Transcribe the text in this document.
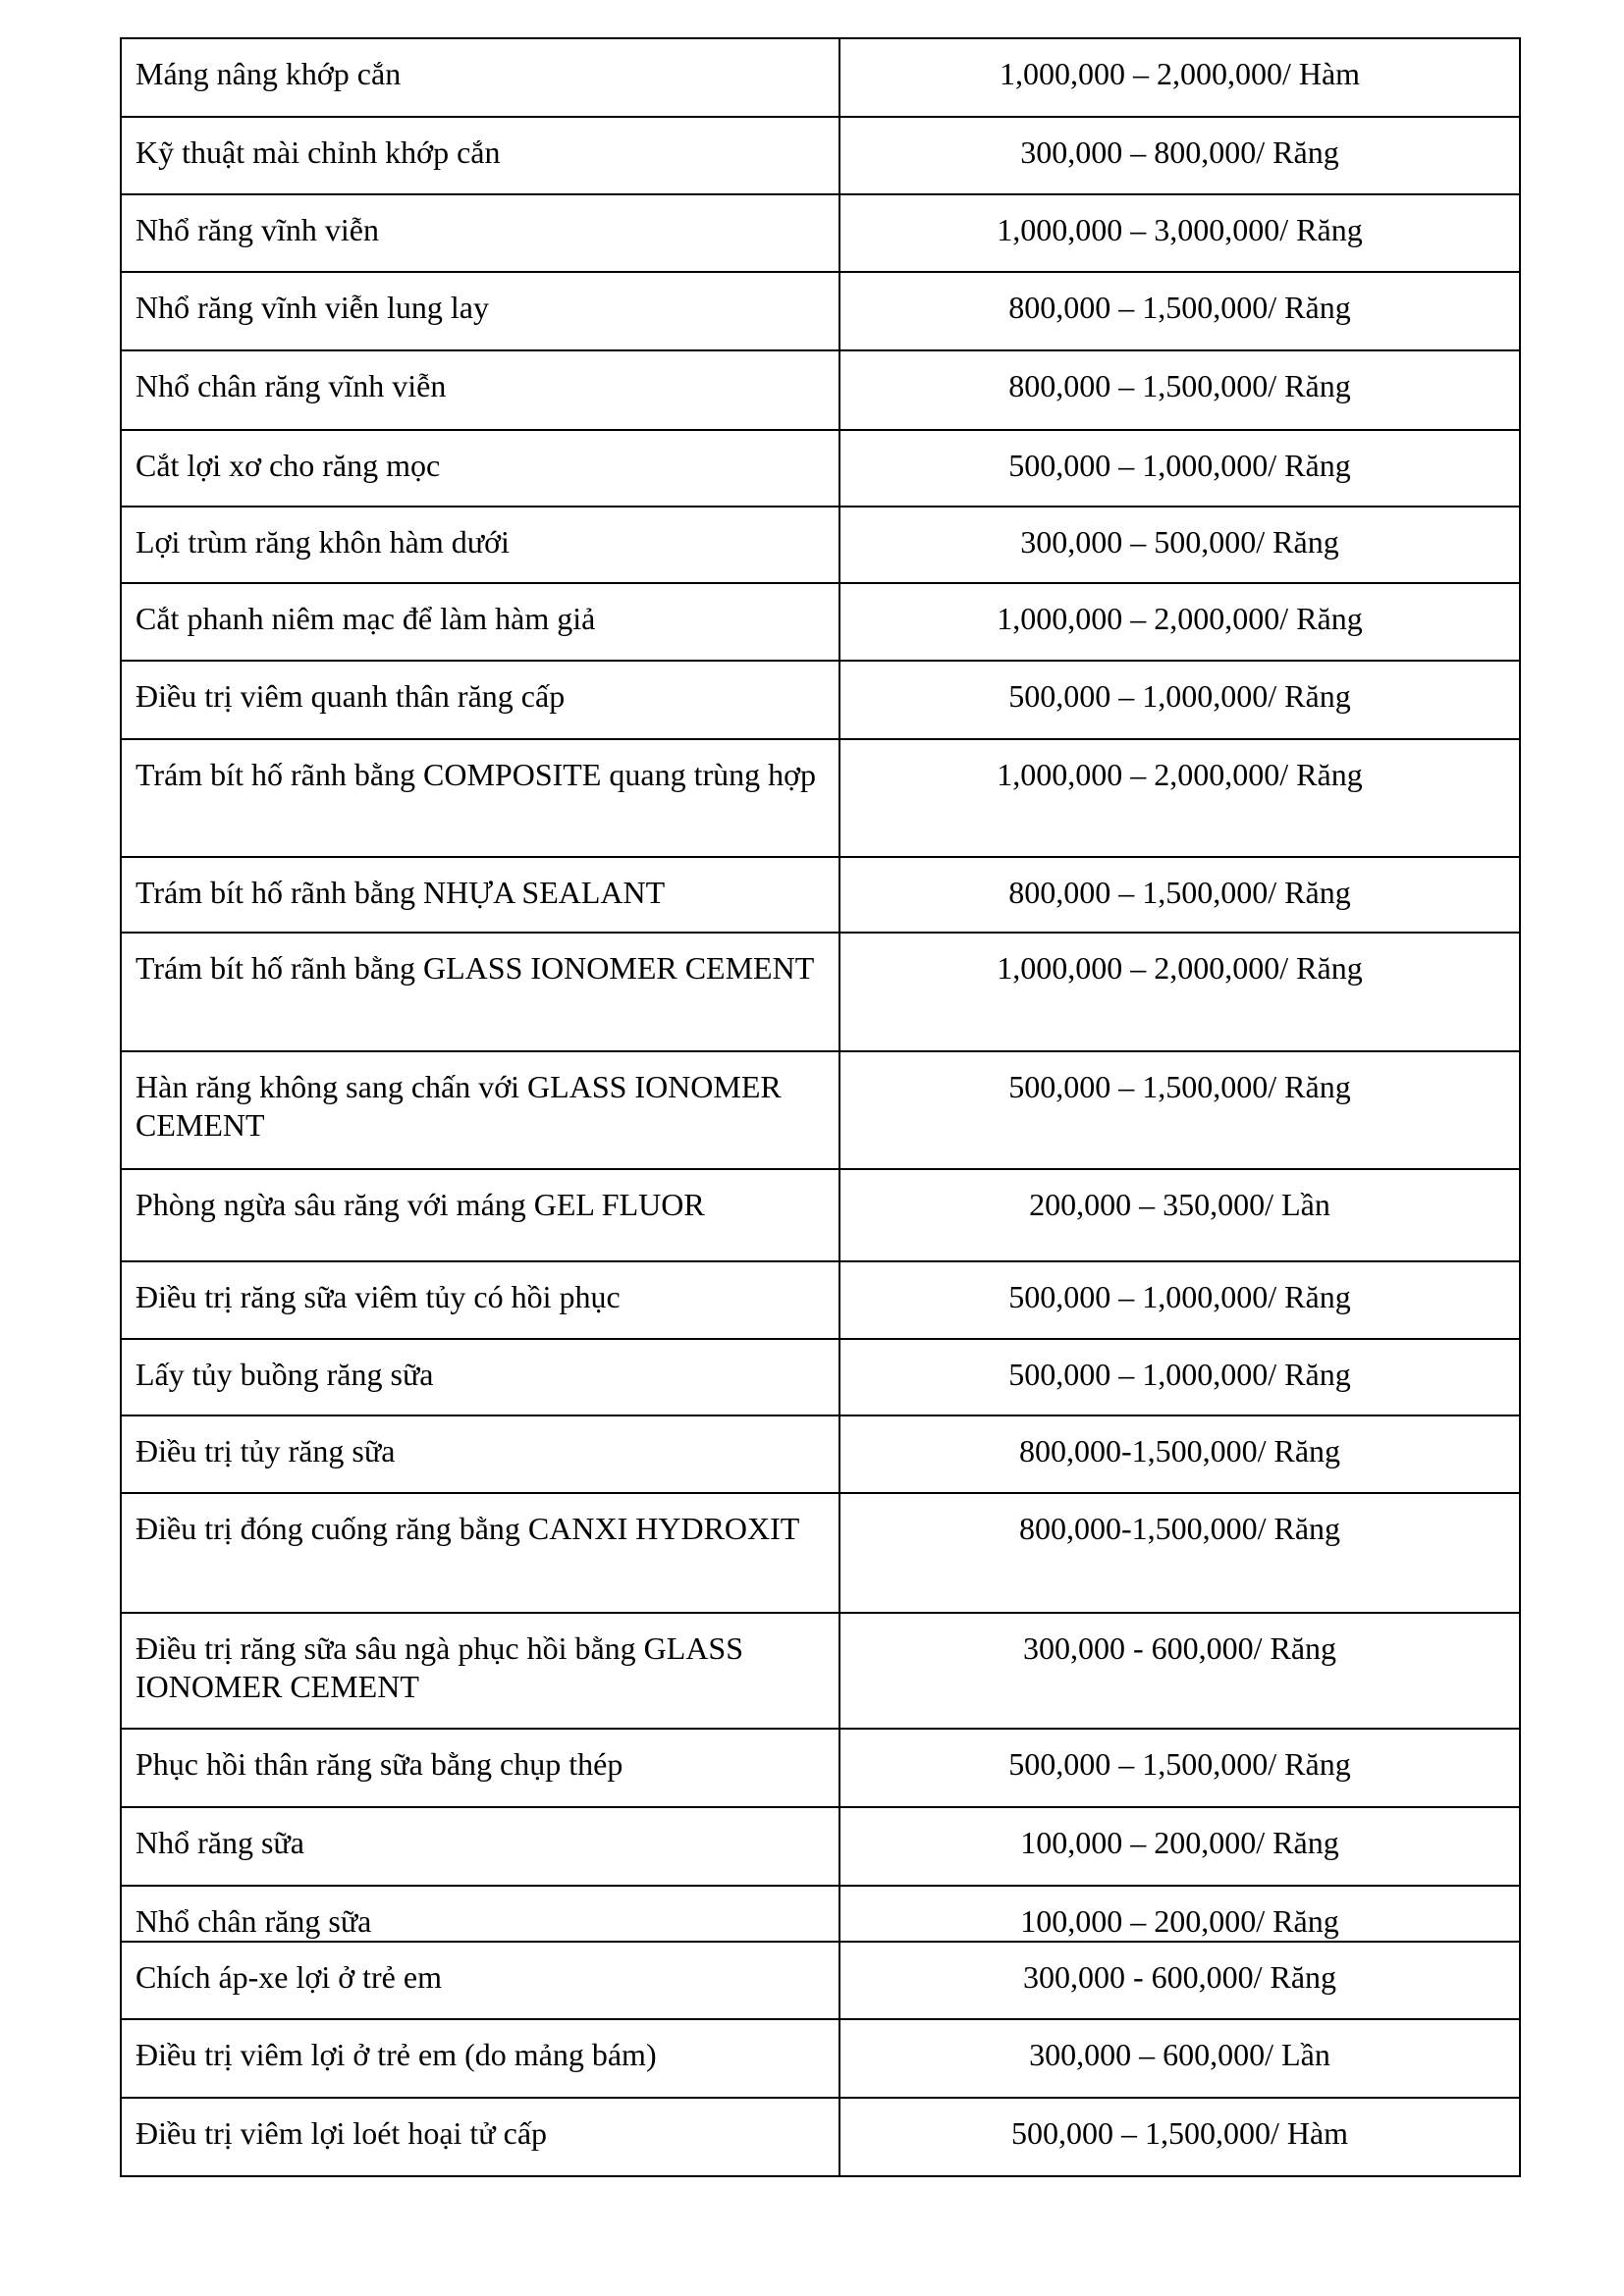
Máng nâng khớp cắn	1,000,000 – 2,000,000/ Hàm
Kỹ thuật mài chỉnh khớp cắn	300,000 – 800,000/ Răng
Nhổ răng vĩnh viễn	1,000,000 – 3,000,000/ Răng
Nhổ răng vĩnh viễn lung lay	800,000 – 1,500,000/ Răng
Nhổ chân răng vĩnh viễn	800,000 – 1,500,000/ Răng
Cắt lợi xơ cho răng mọc	500,000 – 1,000,000/ Răng
Lợi trùm răng khôn hàm dưới	300,000 – 500,000/ Răng
Cắt phanh niêm mạc để làm hàm giả	1,000,000 – 2,000,000/ Răng
Điều trị viêm quanh thân răng cấp	500,000 – 1,000,000/ Răng
Trám bít hố rãnh bằng COMPOSITE quang trùng hợp	1,000,000 – 2,000,000/ Răng
Trám bít hố rãnh bằng NHỰA SEALANT	800,000 – 1,500,000/ Răng
Trám bít hố rãnh bằng GLASS IONOMER CEMENT	1,000,000 – 2,000,000/ Răng
Hàn răng không sang chấn với GLASS IONOMER CEMENT	500,000 – 1,500,000/ Răng
Phòng ngừa sâu răng với máng GEL FLUOR	200,000 – 350,000/ Lần
Điều trị răng sữa viêm tủy có hồi phục	500,000 – 1,000,000/ Răng
Lấy tủy buồng răng sữa	500,000 – 1,000,000/ Răng
Điều trị tủy răng sữa	800,000-1,500,000/ Răng
Điều trị đóng cuống răng bằng CANXI HYDROXIT	800,000-1,500,000/ Răng
Điều trị răng sữa sâu ngà phục hồi bằng GLASS IONOMER CEMENT	300,000 - 600,000/ Răng
Phục hồi thân răng sữa bằng chụp thép	500,000 – 1,500,000/ Răng
Nhổ răng sữa	100,000 – 200,000/ Răng
Nhổ chân răng sữa	100,000 – 200,000/ Răng
Chích áp-xe lợi ở trẻ em	300,000 - 600,000/ Răng
Điều trị viêm lợi ở trẻ em (do mảng bám)	300,000 – 600,000/ Lần
Điều trị viêm lợi loét hoại tử cấp	500,000 – 1,500,000/ Hàm
